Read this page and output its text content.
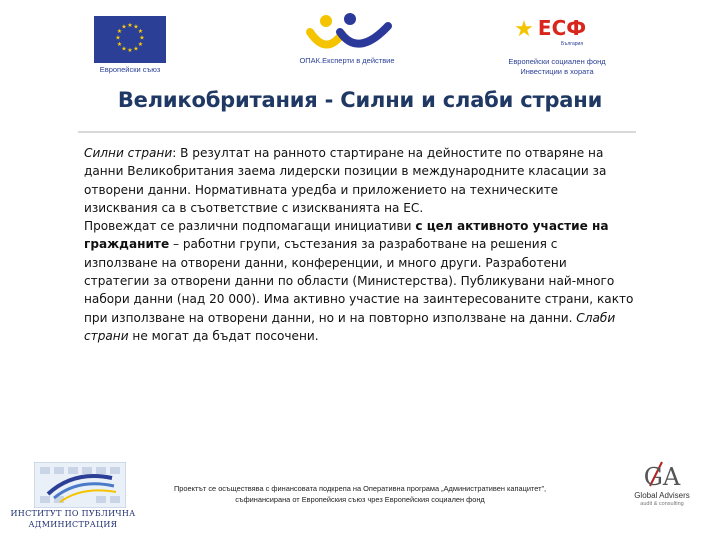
★ ★
★
★
★
★
★
★
★
★
★
★
Европейски съюз
ОПАК.Експерти в действие
★ ЕСФ
България
Европейски социален фонд
Инвестиции в хората
Великобритания - Силни и слаби страни

Силни страни: В резултат на ранното стартиране на дейностите по отваряне на данни Великобритания заема лидерски позиции в международните класации за отворени данни. Нормативната уредба и приложението на техническите изисквания са в съответствие с изискванията на ЕС.

Провеждат се различни подпомагащи инициативи с цел активното участие на гражданите – работни групи, състезания за разработване на решения с използване на отворени данни, конференции, и много други. Разработени стратегии за отворени данни по области (Министерства). Публикувани най-много набори данни (над 20 000). Има активно участие на заинтересованите страни, както при използване на отворени данни, но и на повторно използване на данни. Слаби страни не могат да бъдат посочени.

ИНСТИТУТ ПО ПУБЛИЧНА
АДМИНИСТРАЦИЯ
Проектът се осъществява с финансовата подкрепа на Оперативна програма „Административен капацитет”, съфинансирана от Европейския съюз чрез Европейския социален фонд
GA
Global Advisers
audit & consulting
